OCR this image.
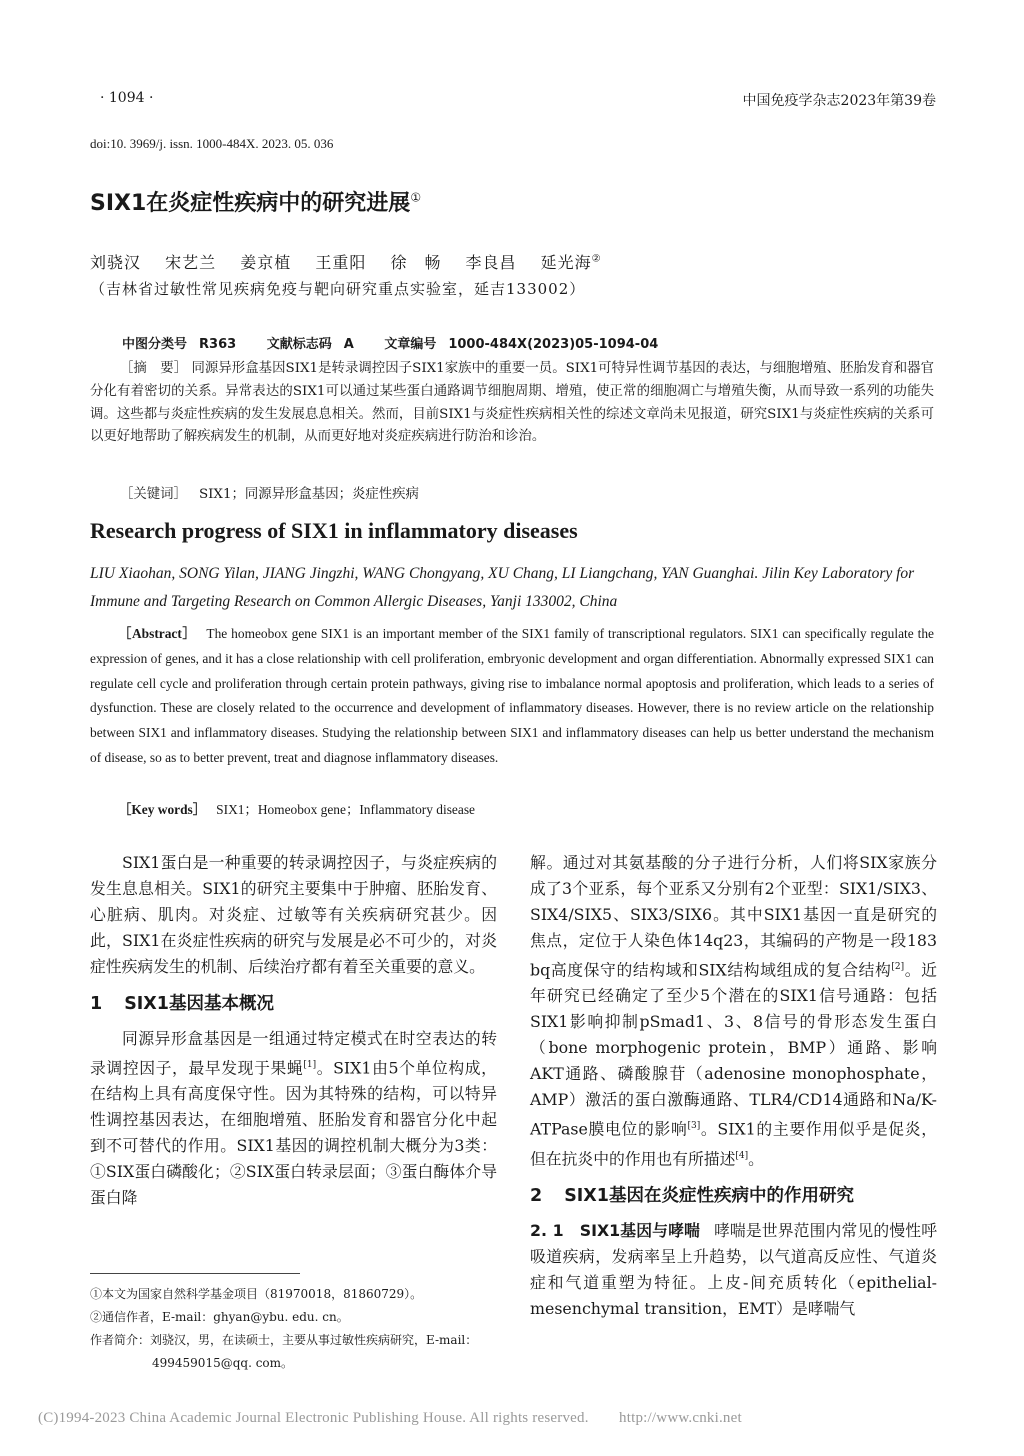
· 1094 ·	中国免疫学杂志2023年第39卷
doi:10. 3969/j. issn. 1000-484X. 2023. 05. 036
SIX1在炎症性疾病中的研究进展①
刘骁汉 宋艺兰 姜京植 王重阳 徐　畅 李良昌 延光海②
（吉林省过敏性常见疾病免疫与靶向研究重点实验室，延吉133002）
中图分类号 R363 文献标志码 A 文章编号 1000-484X(2023)05-1094-04
［摘　要］ 同源异形盒基因SIX1是转录调控因子SIX1家族中的重要一员。SIX1可特异性调节基因的表达，与细胞增殖、胚胎发育和器官分化有着密切的关系。异常表达的SIX1可以通过某些蛋白通路调节细胞周期、增殖，使正常的细胞凋亡与增殖失衡，从而导致一系列的功能失调。这些都与炎症性疾病的发生发展息息相关。然而，目前SIX1与炎症性疾病相关性的综述文章尚未见报道，研究SIX1与炎症性疾病的关系可以更好地帮助了解疾病发生的机制，从而更好地对炎症疾病进行防治和诊治。
［关键词］ SIX1；同源异形盒基因；炎症性疾病
Research progress of SIX1 in inflammatory diseases
LIU Xiaohan, SONG Yilan, JIANG Jingzhi, WANG Chongyang, XU Chang, LI Liangchang, YAN Guanghai. Jilin Key Laboratory for Immune and Targeting Research on Common Allergic Diseases, Yanji 133002, China
［Abstract］ The homeobox gene SIX1 is an important member of the SIX1 family of transcriptional regulators. SIX1 can specifically regulate the expression of genes, and it has a close relationship with cell proliferation, embryonic development and organ differentiation. Abnormally expressed SIX1 can regulate cell cycle and proliferation through certain protein pathways, giving rise to imbalance normal apoptosis and proliferation, which leads to a series of dysfunction. These are closely related to the occurrence and development of inflammatory diseases. However, there is no review article on the relationship between SIX1 and inflammatory diseases. Studying the relationship between SIX1 and inflammatory diseases can help us better understand the mechanism of disease, so as to better prevent, treat and diagnose inflammatory diseases.
［Key words］ SIX1；Homeobox gene；Inflammatory disease

SIX1蛋白是一种重要的转录调控因子，与炎症疾病的发生息息相关。SIX1的研究主要集中于肿瘤、胚胎发育、心脏病、肌肉。对炎症、过敏等有关疾病研究甚少。因此，SIX1在炎症性疾病的研究与发展是必不可少的，对炎症性疾病发生的机制、后续治疗都有着至关重要的意义。

1 SIX1基因基本概况

同源异形盒基因是一组通过特定模式在时空表达的转录调控因子，最早发现于果蝇[1]。SIX1由5个单位构成，在结构上具有高度保守性。因为其特殊的结构，可以特异性调控基因表达，在细胞增殖、胚胎发育和器官分化中起到不可替代的作用。SIX1基因的调控机制大概分为3类：①SIX蛋白磷酸化；②SIX蛋白转录层面；③蛋白酶体介导蛋白降

解。通过对其氨基酸的分子进行分析，人们将SIX家族分成了3个亚系，每个亚系又分别有2个亚型：SIX1/SIX3、SIX4/SIX5、SIX3/SIX6。其中SIX1基因一直是研究的焦点，定位于人染色体14q23，其编码的产物是一段183 bq高度保守的结构域和SIX结构域组成的复合结构[2]。近年研究已经确定了至少5个潜在的SIX1信号通路：包括SIX1影响抑制pSmad1、3、8信号的骨形态发生蛋白（bone morphogenic protein，BMP）通路、影响AKT通路、磷酸腺苷（adenosine monophosphate，AMP）激活的蛋白激酶通路、TLR4/CD14通路和Na/K-ATPase膜电位的影响[3]。SIX1的主要作用似乎是促炎，但在抗炎中的作用也有所描述[4]。

2 SIX1基因在炎症性疾病中的作用研究

2. 1　SIX1基因与哮喘 哮喘是世界范围内常见的慢性呼吸道疾病，发病率呈上升趋势，以气道高反应性、气道炎症和气道重塑为特征。上皮-间充质转化（epithelial-mesenchymal transition，EMT）是哮喘气

①本文为国家自然科学基金项目（81970018，81860729）。
②通信作者，E-mail：ghyan@ybu. edu. cn。
作者简介：刘骁汉，男，在读硕士，主要从事过敏性疾病研究，E-mail：
499459015@qq. com。
(C)1994-2023 China Academic Journal Electronic Publishing House. All rights reserved.　　http://www.cnki.net
